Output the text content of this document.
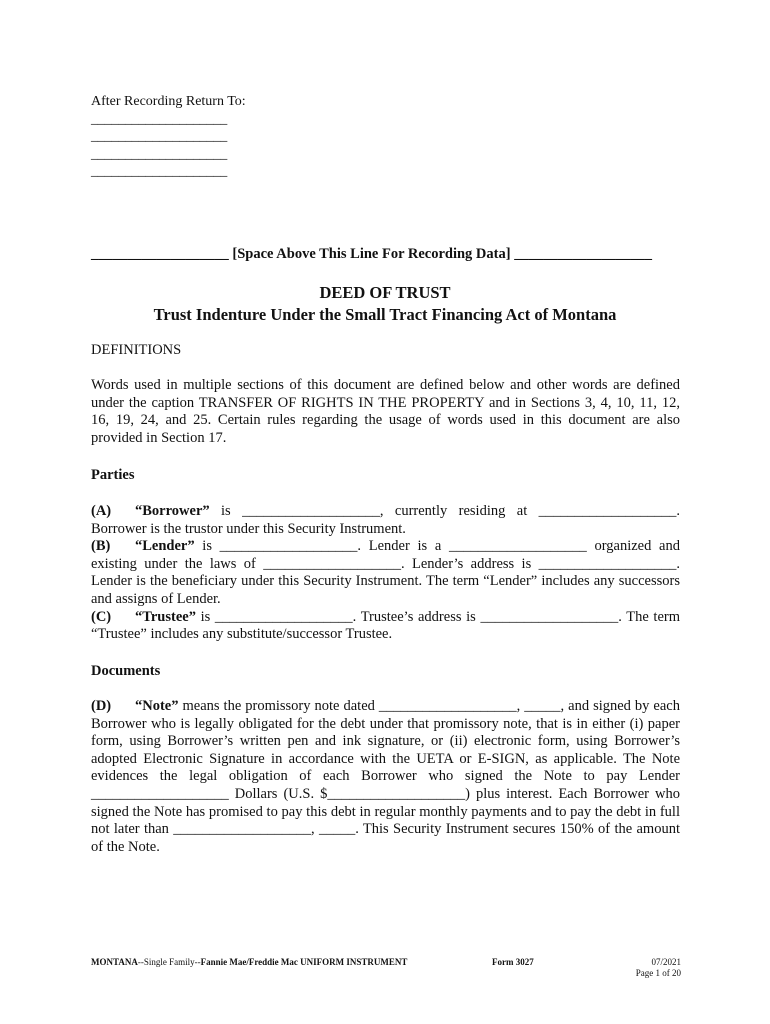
After Recording Return To:
____________________
____________________
____________________
____________________
___________________ [Space Above This Line For Recording Data] ___________________
DEED OF TRUST
Trust Indenture Under the Small Tract Financing Act of Montana
DEFINITIONS
Words used in multiple sections of this document are defined below and other words are defined under the caption TRANSFER OF RIGHTS IN THE PROPERTY and in Sections 3, 4, 10, 11, 12, 16, 19, 24, and 25. Certain rules regarding the usage of words used in this document are also provided in Section 17.
Parties

(A) “Borrower” is ___________________, currently residing at ___________________. Borrower is the trustor under this Security Instrument.

(B) “Lender” is ___________________. Lender is a ___________________ organized and existing under the laws of ___________________. Lender’s address is ___________________. Lender is the beneficiary under this Security Instrument. The term “Lender” includes any successors and assigns of Lender.

(C) “Trustee” is ___________________. Trustee’s address is ___________________. The term “Trustee” includes any substitute/successor Trustee.

Documents

(D) “Note” means the promissory note dated ___________________, _____, and signed by each Borrower who is legally obligated for the debt under that promissory note, that is in either (i) paper form, using Borrower’s written pen and ink signature, or (ii) electronic form, using Borrower’s adopted Electronic Signature in accordance with the UETA or E-SIGN, as applicable. The Note evidences the legal obligation of each Borrower who signed the Note to pay Lender ___________________ Dollars (U.S. $___________________) plus interest. Each Borrower who signed the Note has promised to pay this debt in regular monthly payments and to pay the debt in full not later than ___________________, _____. This Security Instrument secures 150% of the amount of the Note.

MONTANA--Single Family--Fannie Mae/Freddie Mac UNIFORM INSTRUMENT	Form 3027	07/2021
Page 1 of 20
